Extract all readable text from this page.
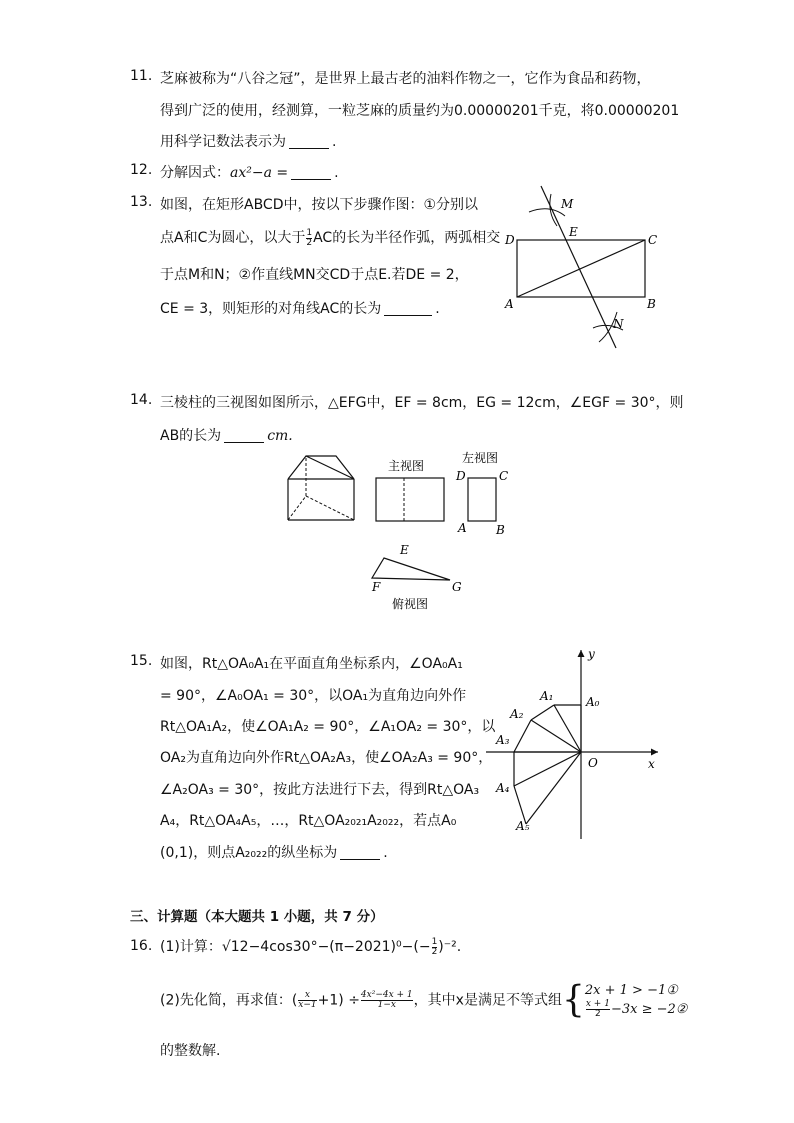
11. 芝麻被称为“八谷之冠”，是世界上最古老的油料作物之一，它作为食品和药物，
得到广泛的使用，经测算，一粒芝麻的质量约为0.00000201千克，将0.00000201
用科学记数法表示为	.
12. 分解因式：ax²−a =	.
13. 如图，在矩形ABCD中，按以下步骤作图：①分别以
点A和C为圆心，以大于 $\frac{1}{2}$ AC的长为半径作弧，两弧相交
于点M和N；②作直线MN交CD于点E.若DE = 2，
CE = 3，则矩形的对角线AC的长为	.
M
D
E
C
A	B
N
14. 三棱柱的三视图如图所示，△EFG中，EF = 8cm，EG = 12cm，∠EGF = 30°，则
AB的长为	cm.
主视图
左视图
D	C
A B
E
F	G
俯视图
15. 如图，Rt△OA₀A₁在平面直角坐标系内，∠OA₀A₁
= 90°，∠A₀OA₁ = 30°，以OA₁为直角边向外作
Rt△OA₁A₂，使∠OA₁A₂ = 90°，∠A₁OA₂ = 30°，以
OA₂为直角边向外作Rt△OA₂A₃，使∠OA₂A₃ = 90°，
∠A₂OA₃ = 30°，按此方法进行下去，得到Rt△OA₃
A₄，Rt△OA₄A₅，…，Rt△OA₂₀₂₁A₂₀₂₂，若点A₀
(0,1)，则点A₂₀₂₂的纵坐标为	.
y
x
O
A₀
A₁
A₂
A₃
A₄
A₅
三、计算题（本大题共 1 小题，共 7 分）
16. (1)计算：$√12-4\cos 30^\circ-(\pi-2021)^0-(- \frac{1}{2} )^{-2}$.
(2)先化简，再求值：( $\frac{x}{x-1} +1) \div \frac{\text{4x²−4x + 1}}{1-x}$ ，其中x是满足不等式组{ 2x + 1 > −1①
$\frac{x + 1}{2} -3x$ ≥ −2②
的整数解.
